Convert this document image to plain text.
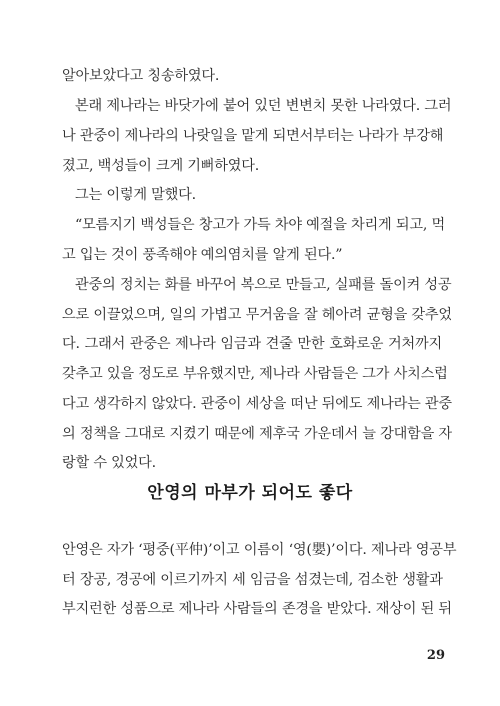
알아보았다고 칭송하였다.
본래 제나라는 바닷가에 붙어 있던 변변치 못한 나라였다. 그러
나 관중이 제나라의 나랏일을 맡게 되면서부터는 나라가 부강해
졌고, 백성들이 크게 기뻐하였다.
그는 이렇게 말했다.
“모름지기 백성들은 창고가 가득 차야 예절을 차리게 되고, 먹
고 입는 것이 풍족해야 예의염치를 알게 된다.”
관중의 정치는 화를 바꾸어 복으로 만들고, 실패를 돌이켜 성공
으로 이끌었으며, 일의 가볍고 무거움을 잘 헤아려 균형을 갖추었
다. 그래서 관중은 제나라 임금과 견줄 만한 호화로운 거처까지
갖추고 있을 정도로 부유했지만, 제나라 사람들은 그가 사치스럽
다고 생각하지 않았다. 관중이 세상을 떠난 뒤에도 제나라는 관중
의 정책을 그대로 지켰기 때문에 제후국 가운데서 늘 강대함을 자
랑할 수 있었다.
안영의 마부가 되어도 좋다
안영은 자가 ‘평중(平仲)’이고 이름이 ‘영(嬰)’이다. 제나라 영공부
터 장공, 경공에 이르기까지 세 임금을 섬겼는데, 검소한 생활과
부지런한 성품으로 제나라 사람들의 존경을 받았다. 재상이 된 뒤
29
